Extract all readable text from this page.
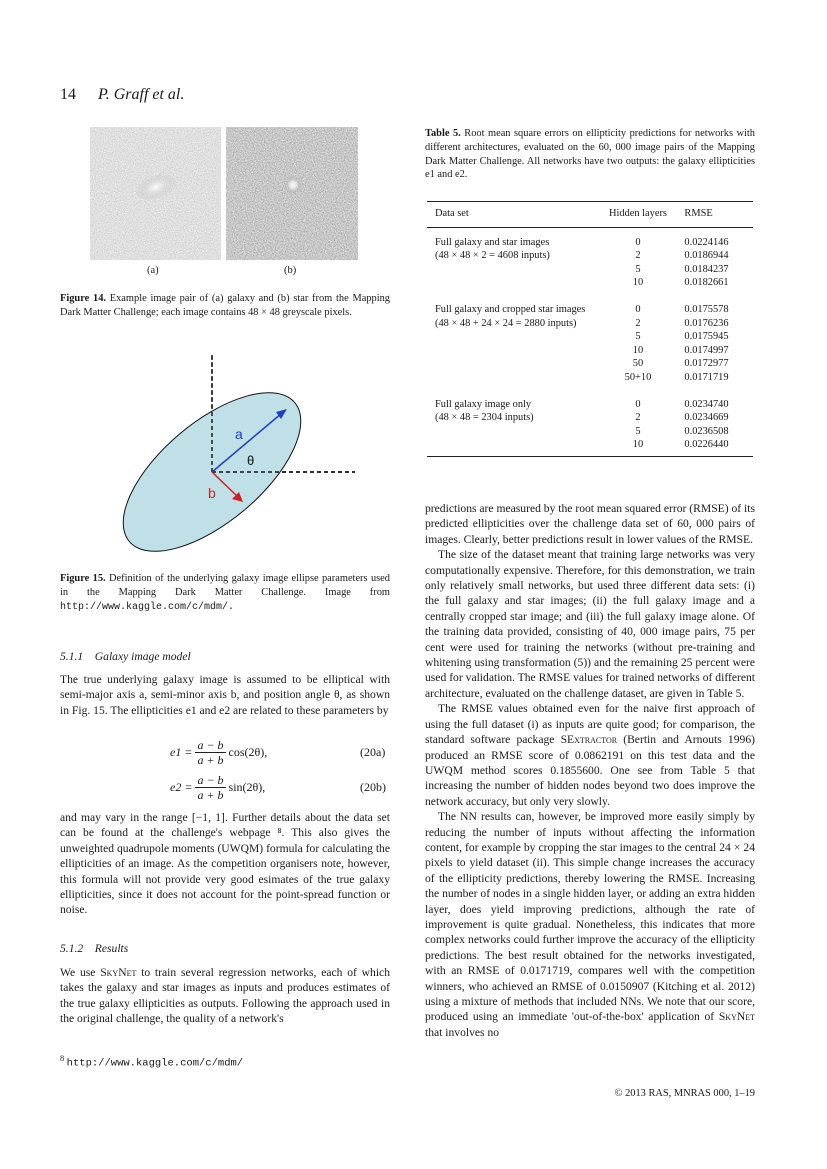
14 P. Graff et al.
(a)	(b)
Figure 14. Example image pair of (a) galaxy and (b) star from the Mapping Dark Matter Challenge; each image contains 48 × 48 greyscale pixels.
a
b
θ
Figure 15. Definition of the underlying galaxy image ellipse parameters used in the Mapping Dark Matter Challenge. Image from http://www.kaggle.com/c/mdm/.
5.1.1    Galaxy image model
The true underlying galaxy image is assumed to be elliptical with semi-major axis a, semi-minor axis b, and position angle θ, as shown in Fig. 15. The ellipticities e1 and e2 are related to these parameters by
$e1 = \frac{a - b}{a + b} \cos(2\theta)$,	(20a)
$e2 = \frac{a - b}{a + b} \sin(2\theta)$,	(20b)
and may vary in the range [−1, 1]. Further details about the data set can be found at the challenge's webpage ⁸. This also gives the unweighted quadrupole moments (UWQM) formula for calculating the ellipticities of an image. As the competition organisers note, however, this formula will not provide very good esimates of the true galaxy ellipticities, since it does not account for the point-spread function or noise.
5.1.2    Results
We use SkyNet to train several regression networks, each of which takes the galaxy and star images as inputs and produces estimates of the true galaxy ellipticities as outputs. Following the approach used in the original challenge, the quality of a network's
$^8$ http://www.kaggle.com/c/mdm/
Table 5. Root mean square errors on ellipticity predictions for networks with different architectures, evaluated on the 60, 000 image pairs of the Mapping Dark Matter Challenge. All networks have two outputs: the galaxy ellipticities e1 and e2.
Data set	Hidden layers	RMSE

Full galaxy and star images	0	0.0224146
(48 × 48 × 2 = 4608 inputs)	2	0.0186944
	5	0.0184237
	10	0.0182661

Full galaxy and cropped star images	0	0.0175578
(48 × 48 + 24 × 24 = 2880 inputs)	2	0.0176236
	5	0.0175945
	10	0.0174997
	50	0.0172977
	50+10	0.0171719

Full galaxy image only	0	0.0234740
(48 × 48 = 2304 inputs)	2	0.0234669
	5	0.0236508
	10	0.0226440

predictions are measured by the root mean squared error (RMSE) of its predicted ellipticities over the challenge data set of 60, 000 pairs of images. Clearly, better predictions result in lower values of the RMSE.

The size of the dataset meant that training large networks was very computationally expensive. Therefore, for this demonstration, we train only relatively small networks, but used three different data sets: (i) the full galaxy and star images; (ii) the full galaxy image and a centrally cropped star image; and (iii) the full galaxy image alone. Of the training data provided, consisting of 40, 000 image pairs, 75 per cent were used for training the networks (without pre-training and whitening using transformation (5)) and the remaining 25 percent were used for validation. The RMSE values for trained networks of different architecture, evaluated on the challenge dataset, are given in Table 5.

The RMSE values obtained even for the naive first approach of using the full dataset (i) as inputs are quite good; for comparison, the standard software package SExtractor (Bertin and Arnouts 1996) produced an RMSE score of 0.0862191 on this test data and the UWQM method scores 0.1855600. One see from Table 5 that increasing the number of hidden nodes beyond two does improve the network accuracy, but only very slowly.

The NN results can, however, be improved more easily simply by reducing the number of inputs without affecting the information content, for example by cropping the star images to the central 24 × 24 pixels to yield dataset (ii). This simple change increases the accuracy of the ellipticity predictions, thereby lowering the RMSE. Increasing the number of nodes in a single hidden layer, or adding an extra hidden layer, does yield improving predictions, although the rate of improvement is quite gradual. Nonetheless, this indicates that more complex networks could further improve the accuracy of the ellipticity predictions. The best result obtained for the networks investigated, with an RMSE of 0.0171719, compares well with the competition winners, who achieved an RMSE of 0.0150907 (Kitching et al. 2012) using a mixture of methods that included NNs. We note that our score, produced using an immediate 'out-of-the-box' application of SkyNet that involves no

© 2013 RAS, MNRAS 000, 1–19
